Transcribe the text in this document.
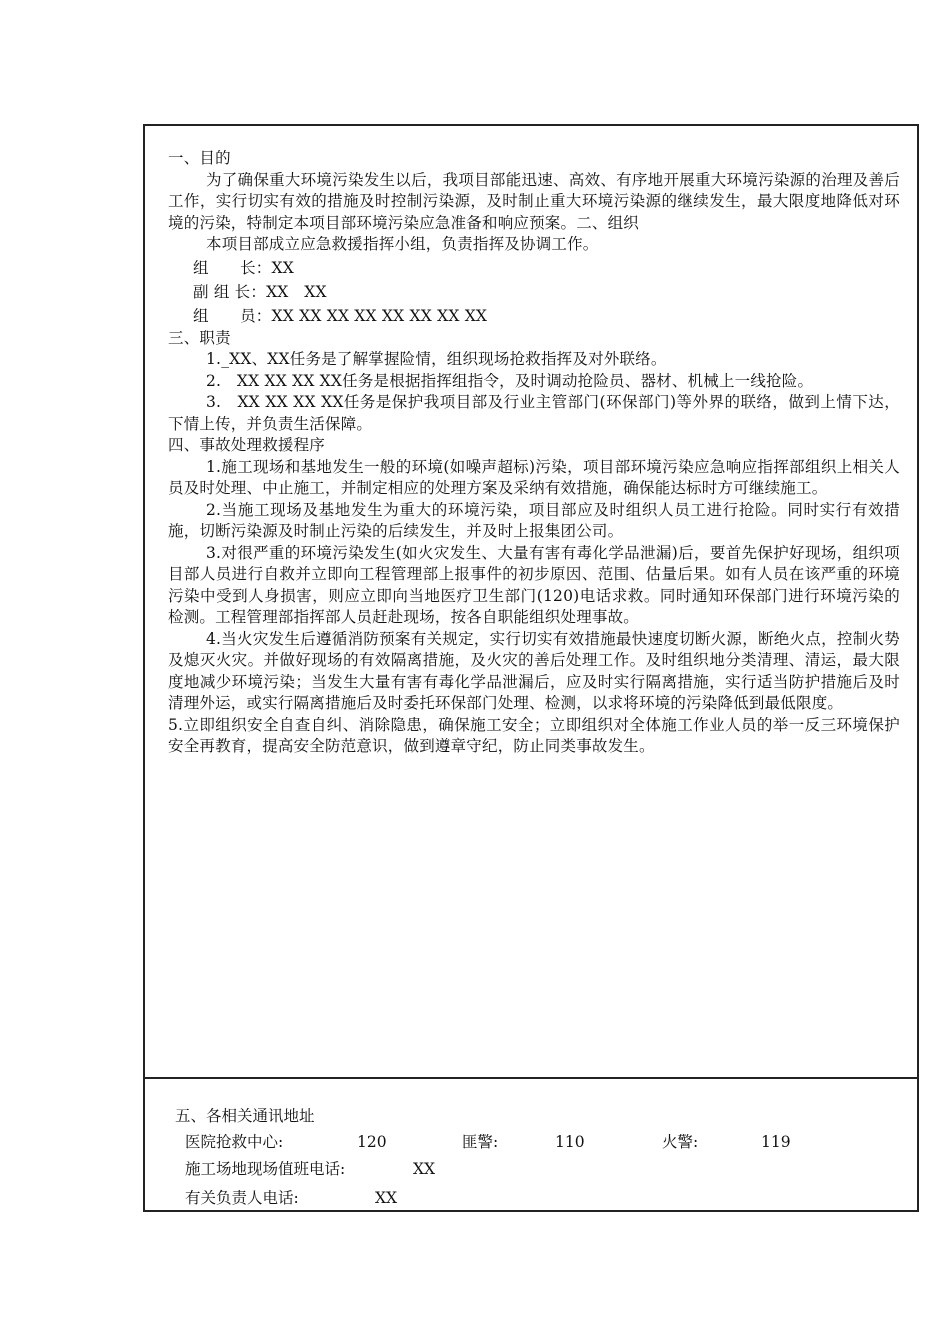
一、目的

为了确保重大环境污染发生以后，我项目部能迅速、高效、有序地开展重大环境污染源的治理及善后工作，实行切实有效的措施及时控制污染源，及时制止重大环境污染源的继续发生，最大限度地降低对环境的污染，特制定本项目部环境污染应急准备和响应预案。二、组织

本项目部成立应急救援指挥小组，负责指挥及协调工作。

组　　长：XX

副 组 长：XX　XX

组　　员：XX XX XX XX XX XX XX XX

三、职责

1._XX、XX任务是了解掌握险情，组织现场抢救指挥及对外联络。

2.　XX XX XX XX任务是根据指挥组指令，及时调动抢险员、器材、机械上一线抢险。

3.　XX XX XX XX任务是保护我项目部及行业主管部门(环保部门)等外界的联络，做到上情下达，下情上传，并负责生活保障。

四、事故处理救援程序

1.施工现场和基地发生一般的环境(如噪声超标)污染，项目部环境污染应急响应指挥部组织上相关人员及时处理、中止施工，并制定相应的处理方案及采纳有效措施，确保能达标时方可继续施工。

2.当施工现场及基地发生为重大的环境污染，项目部应及时组织人员工进行抢险。同时实行有效措施，切断污染源及时制止污染的后续发生，并及时上报集团公司。

3.对很严重的环境污染发生(如火灾发生、大量有害有毒化学品泄漏)后，要首先保护好现场，组织项目部人员进行自救并立即向工程管理部上报事件的初步原因、范围、估量后果。如有人员在该严重的环境污染中受到人身损害，则应立即向当地医疗卫生部门(120)电话求救。同时通知环保部门进行环境污染的检测。工程管理部指挥部人员赶赴现场，按各自职能组织处理事故。

4.当火灾发生后遵循消防预案有关规定，实行切实有效措施最快速度切断火源，断绝火点，控制火势及熄灭火灾。并做好现场的有效隔离措施，及火灾的善后处理工作。及时组织地分类清理、清运，最大限度地减少环境污染；当发生大量有害有毒化学品泄漏后，应及时实行隔离措施，实行适当防护措施后及时清理外运，或实行隔离措施后及时委托环保部门处理、检测，以求将环境的污染降低到最低限度。

5.立即组织安全自查自纠、消除隐患，确保施工安全；立即组织对全体施工作业人员的举一反三环境保护安全再教育，提高安全防范意识，做到遵章守纪，防止同类事故发生。

五、各相关通讯地址
医院抢救中心:	120	匪警:	110	火警:	119
施工场地现场值班电话:	XX
有关负责人电话:	XX
